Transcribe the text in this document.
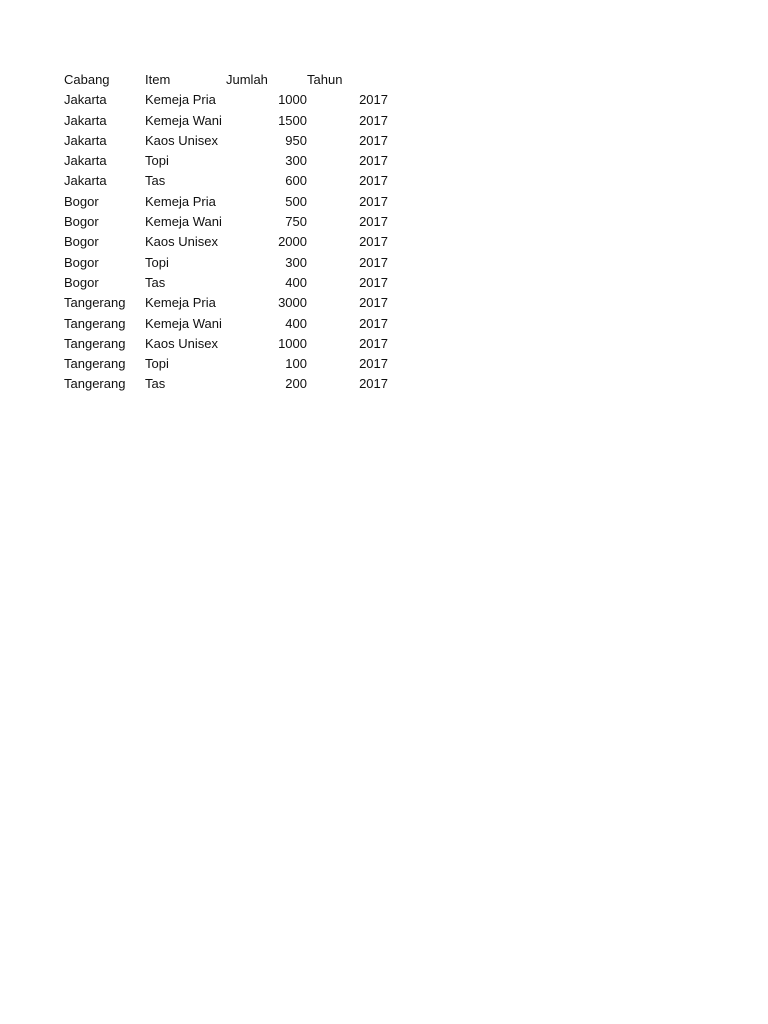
Cabang	Item	Jumlah	Tahun
Jakarta	Kemeja Pria	1000	2017
Jakarta	Kemeja Wani	1500	2017
Jakarta	Kaos Unisex	950	2017
Jakarta	Topi	300	2017
Jakarta	Tas	600	2017
Bogor	Kemeja Pria	500	2017
Bogor	Kemeja Wani	750	2017
Bogor	Kaos Unisex	2000	2017
Bogor	Topi	300	2017
Bogor	Tas	400	2017
Tangerang	Kemeja Pria	3000	2017
Tangerang	Kemeja Wani	400	2017
Tangerang	Kaos Unisex	1000	2017
Tangerang	Topi	100	2017
Tangerang	Tas	200	2017
